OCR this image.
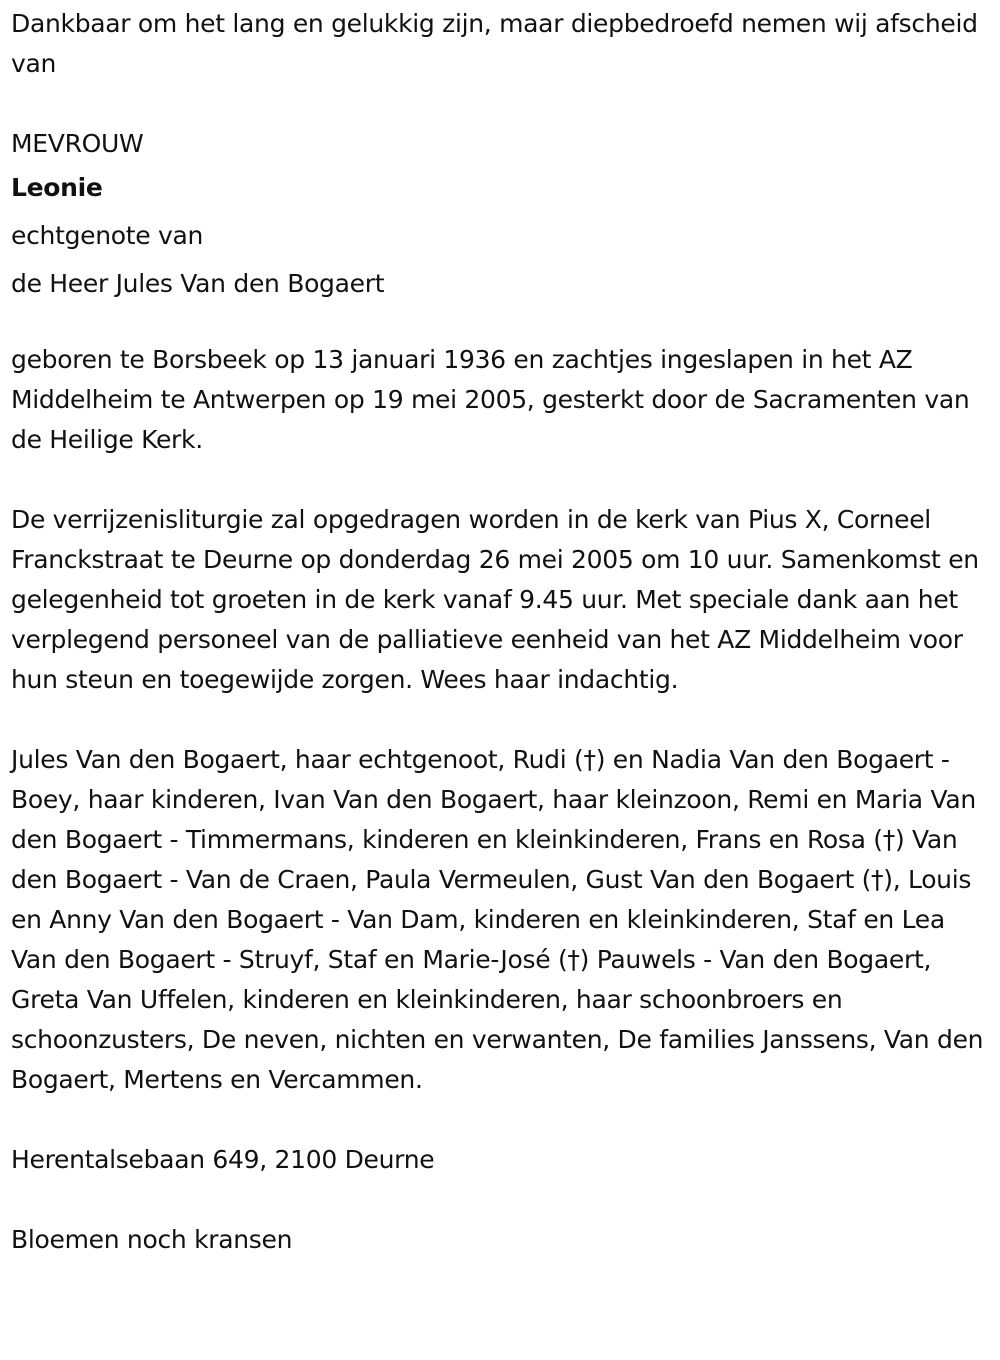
Dankbaar om het lang en gelukkig zijn, maar diepbedroefd nemen wij afscheid van

MEVROUW

Leonie

echtgenote van

de Heer Jules Van den Bogaert

geboren te Borsbeek op 13 januari 1936 en zachtjes ingeslapen in het AZ Middelheim te Antwerpen op 19 mei 2005, gesterkt door de Sacramenten van de Heilige Kerk.

De verrijzenisliturgie zal opgedragen worden in de kerk van Pius X, Corneel Franckstraat te Deurne op donderdag 26 mei 2005 om 10 uur. Samenkomst en gelegenheid tot groeten in de kerk vanaf 9.45 uur. Met speciale dank aan het verplegend personeel van de palliatieve eenheid van het AZ Middelheim voor hun steun en toegewijde zorgen. Wees haar indachtig.

Jules Van den Bogaert, haar echtgenoot, Rudi (†) en Nadia Van den Bogaert - Boey, haar kinderen, Ivan Van den Bogaert, haar kleinzoon, Remi en Maria Van den Bogaert - Timmermans, kinderen en kleinkinderen, Frans en Rosa (†) Van den Bogaert - Van de Craen, Paula Vermeulen, Gust Van den Bogaert (†), Louis en Anny Van den Bogaert - Van Dam, kinderen en kleinkinderen, Staf en Lea Van den Bogaert - Struyf, Staf en Marie-José (†) Pauwels - Van den Bogaert, Greta Van Uffelen, kinderen en kleinkinderen, haar schoonbroers en schoonzusters, De neven, nichten en verwanten, De families Janssens, Van den Bogaert, Mertens en Vercammen.

Herentalsebaan 649, 2100 Deurne

Bloemen noch kransen
